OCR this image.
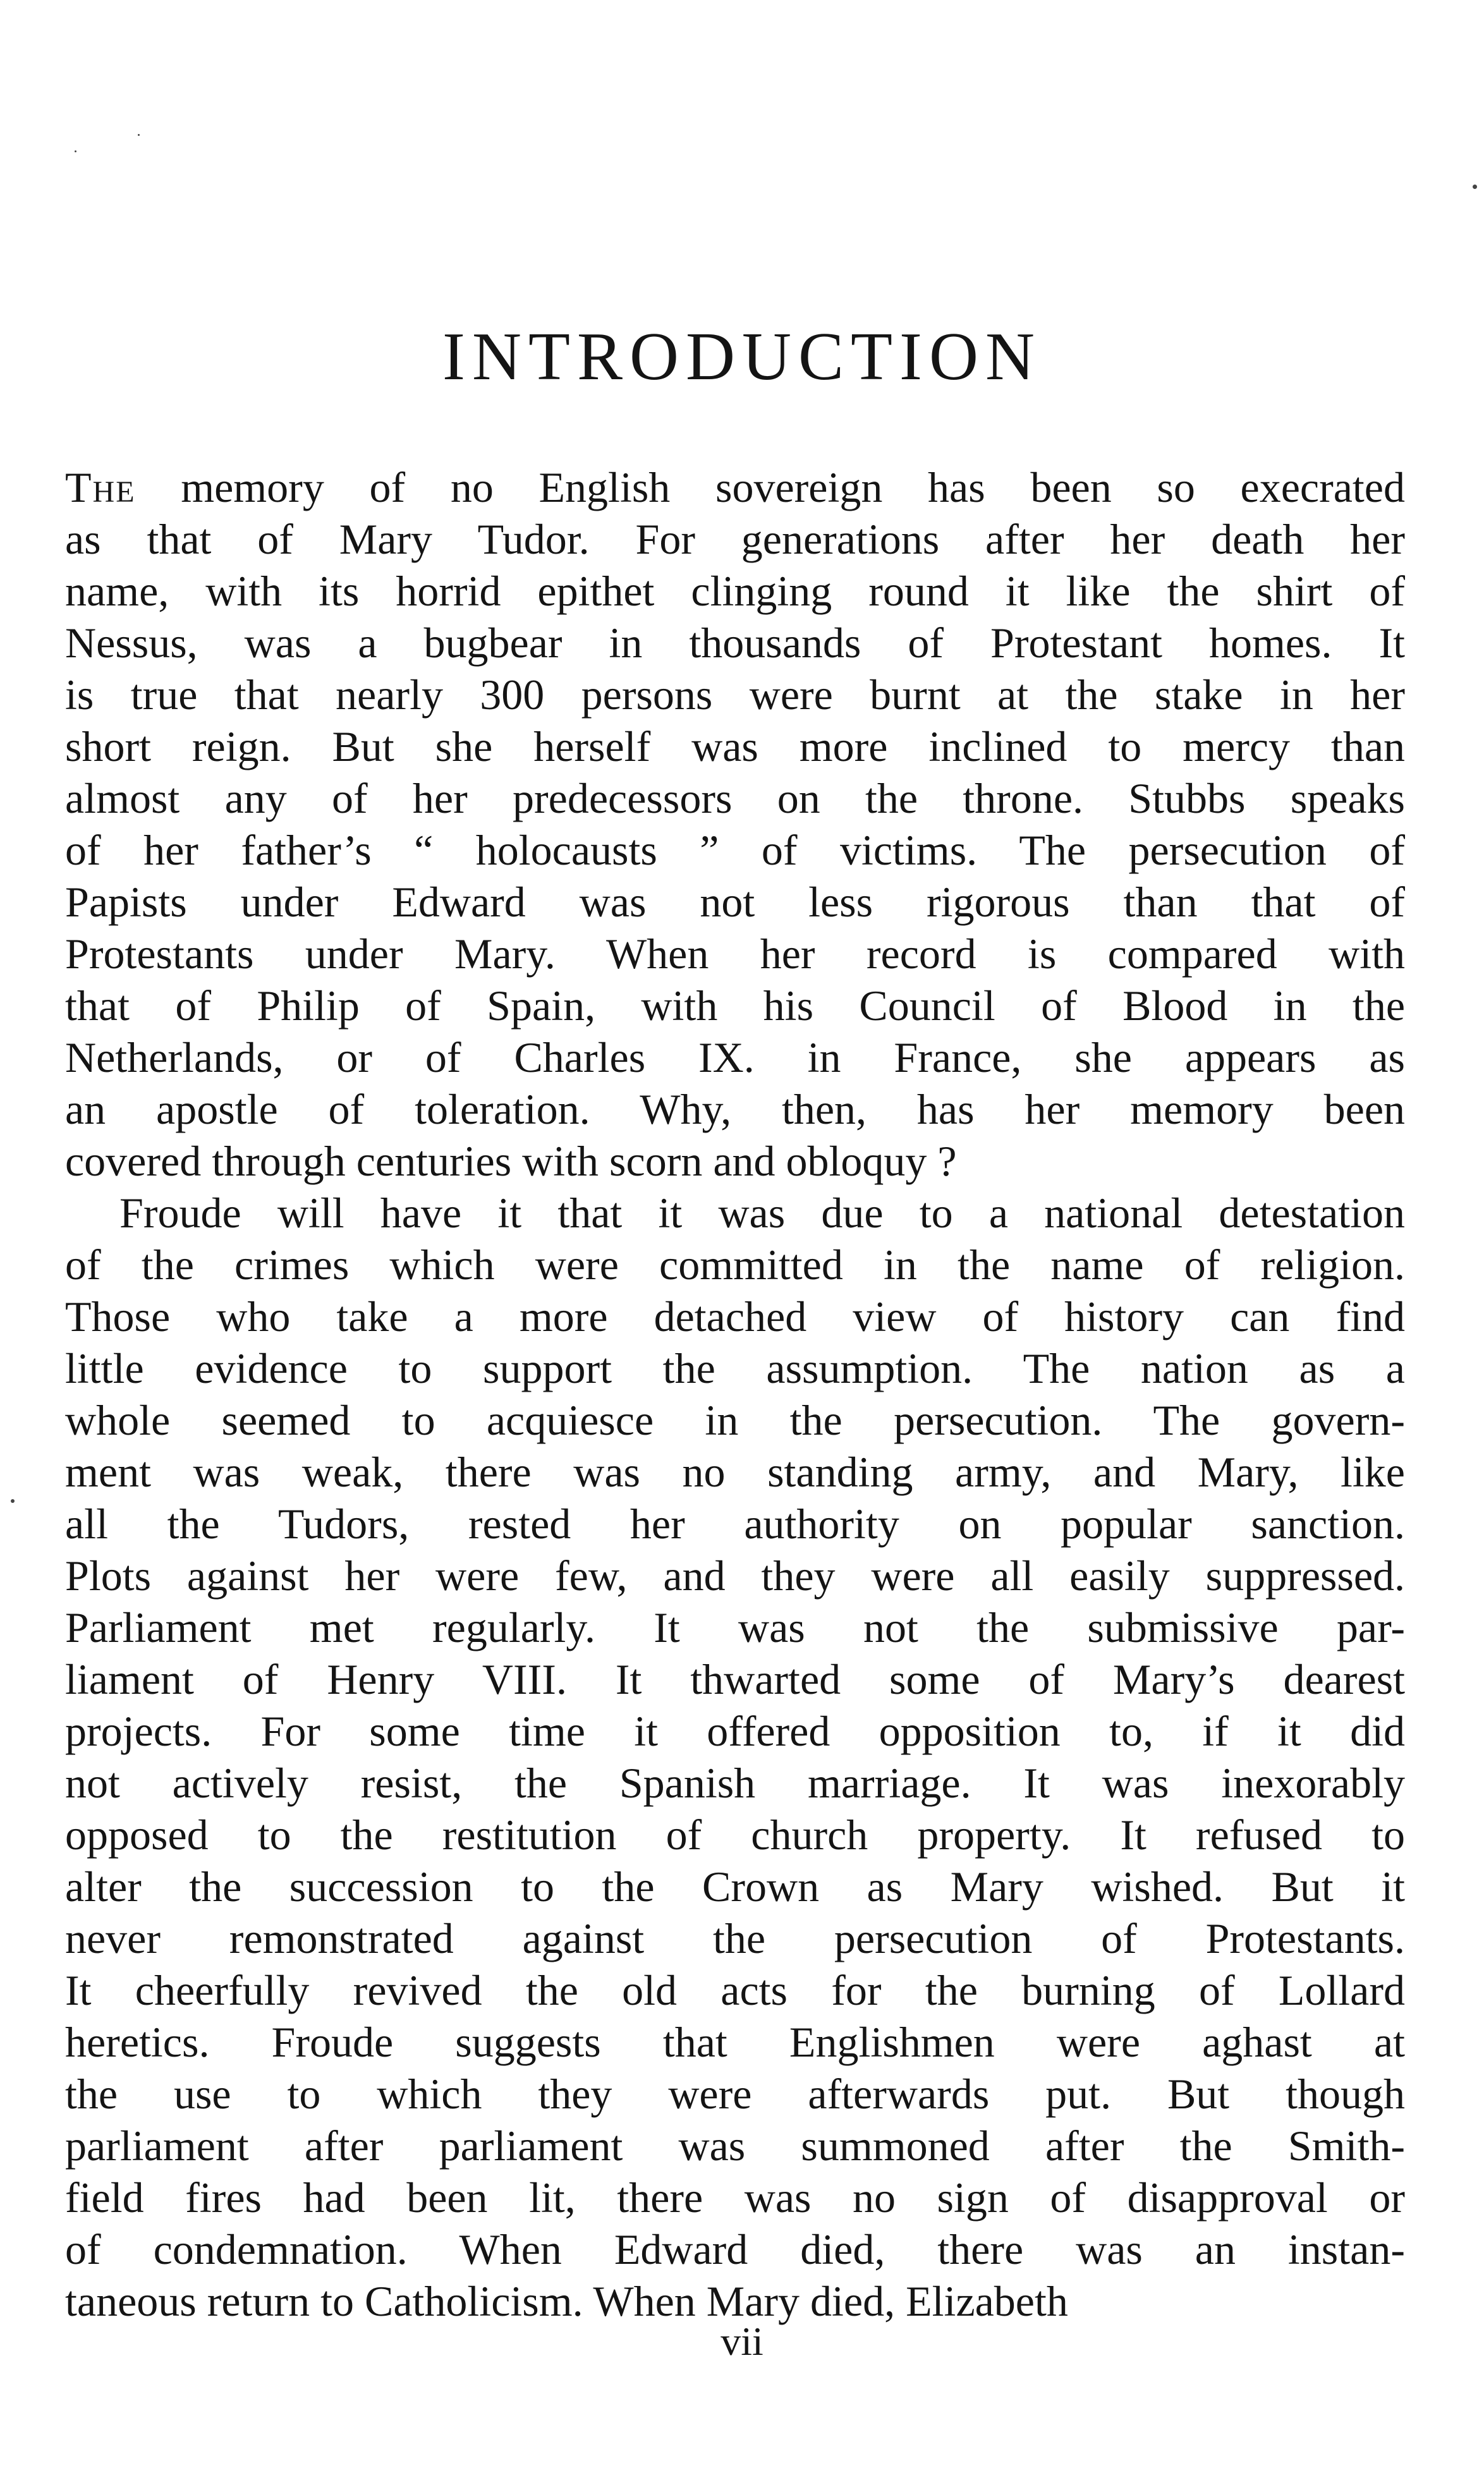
INTRODUCTION
The memory of no English sovereign has been so execrated
as that of Mary Tudor. For generations after her death her
name, with its horrid epithet clinging round it like the shirt of
Nessus, was a bugbear in thousands of Protestant homes. It
is true that nearly 300 persons were burnt at the stake in her
short reign. But she herself was more inclined to mercy than
almost any of her predecessors on the throne. Stubbs speaks
of her father’s “ holocausts ” of victims. The persecution of
Papists under Edward was not less rigorous than that of
Protestants under Mary. When her record is compared with
that of Philip of Spain, with his Council of Blood in the
Netherlands, or of Charles IX. in France, she appears as
an apostle of toleration. Why, then, has her memory been
covered through centuries with scorn and obloquy ?
Froude will have it that it was due to a national detestation
of the crimes which were committed in the name of religion.
Those who take a more detached view of history can find
little evidence to support the assumption. The nation as a
whole seemed to acquiesce in the persecution. The govern-
ment was weak, there was no standing army, and Mary, like
all the Tudors, rested her authority on popular sanction.
Plots against her were few, and they were all easily suppressed.
Parliament met regularly. It was not the submissive par-
liament of Henry VIII. It thwarted some of Mary’s dearest
projects. For some time it offered opposition to, if it did
not actively resist, the Spanish marriage. It was inexorably
opposed to the restitution of church property. It refused to
alter the succession to the Crown as Mary wished. But it
never remonstrated against the persecution of Protestants.
It cheerfully revived the old acts for the burning of Lollard
heretics. Froude suggests that Englishmen were aghast at
the use to which they were afterwards put. But though
parliament after parliament was summoned after the Smith-
field fires had been lit, there was no sign of disapproval or
of condemnation. When Edward died, there was an instan-
taneous return to Catholicism. When Mary died, Elizabeth
vii
